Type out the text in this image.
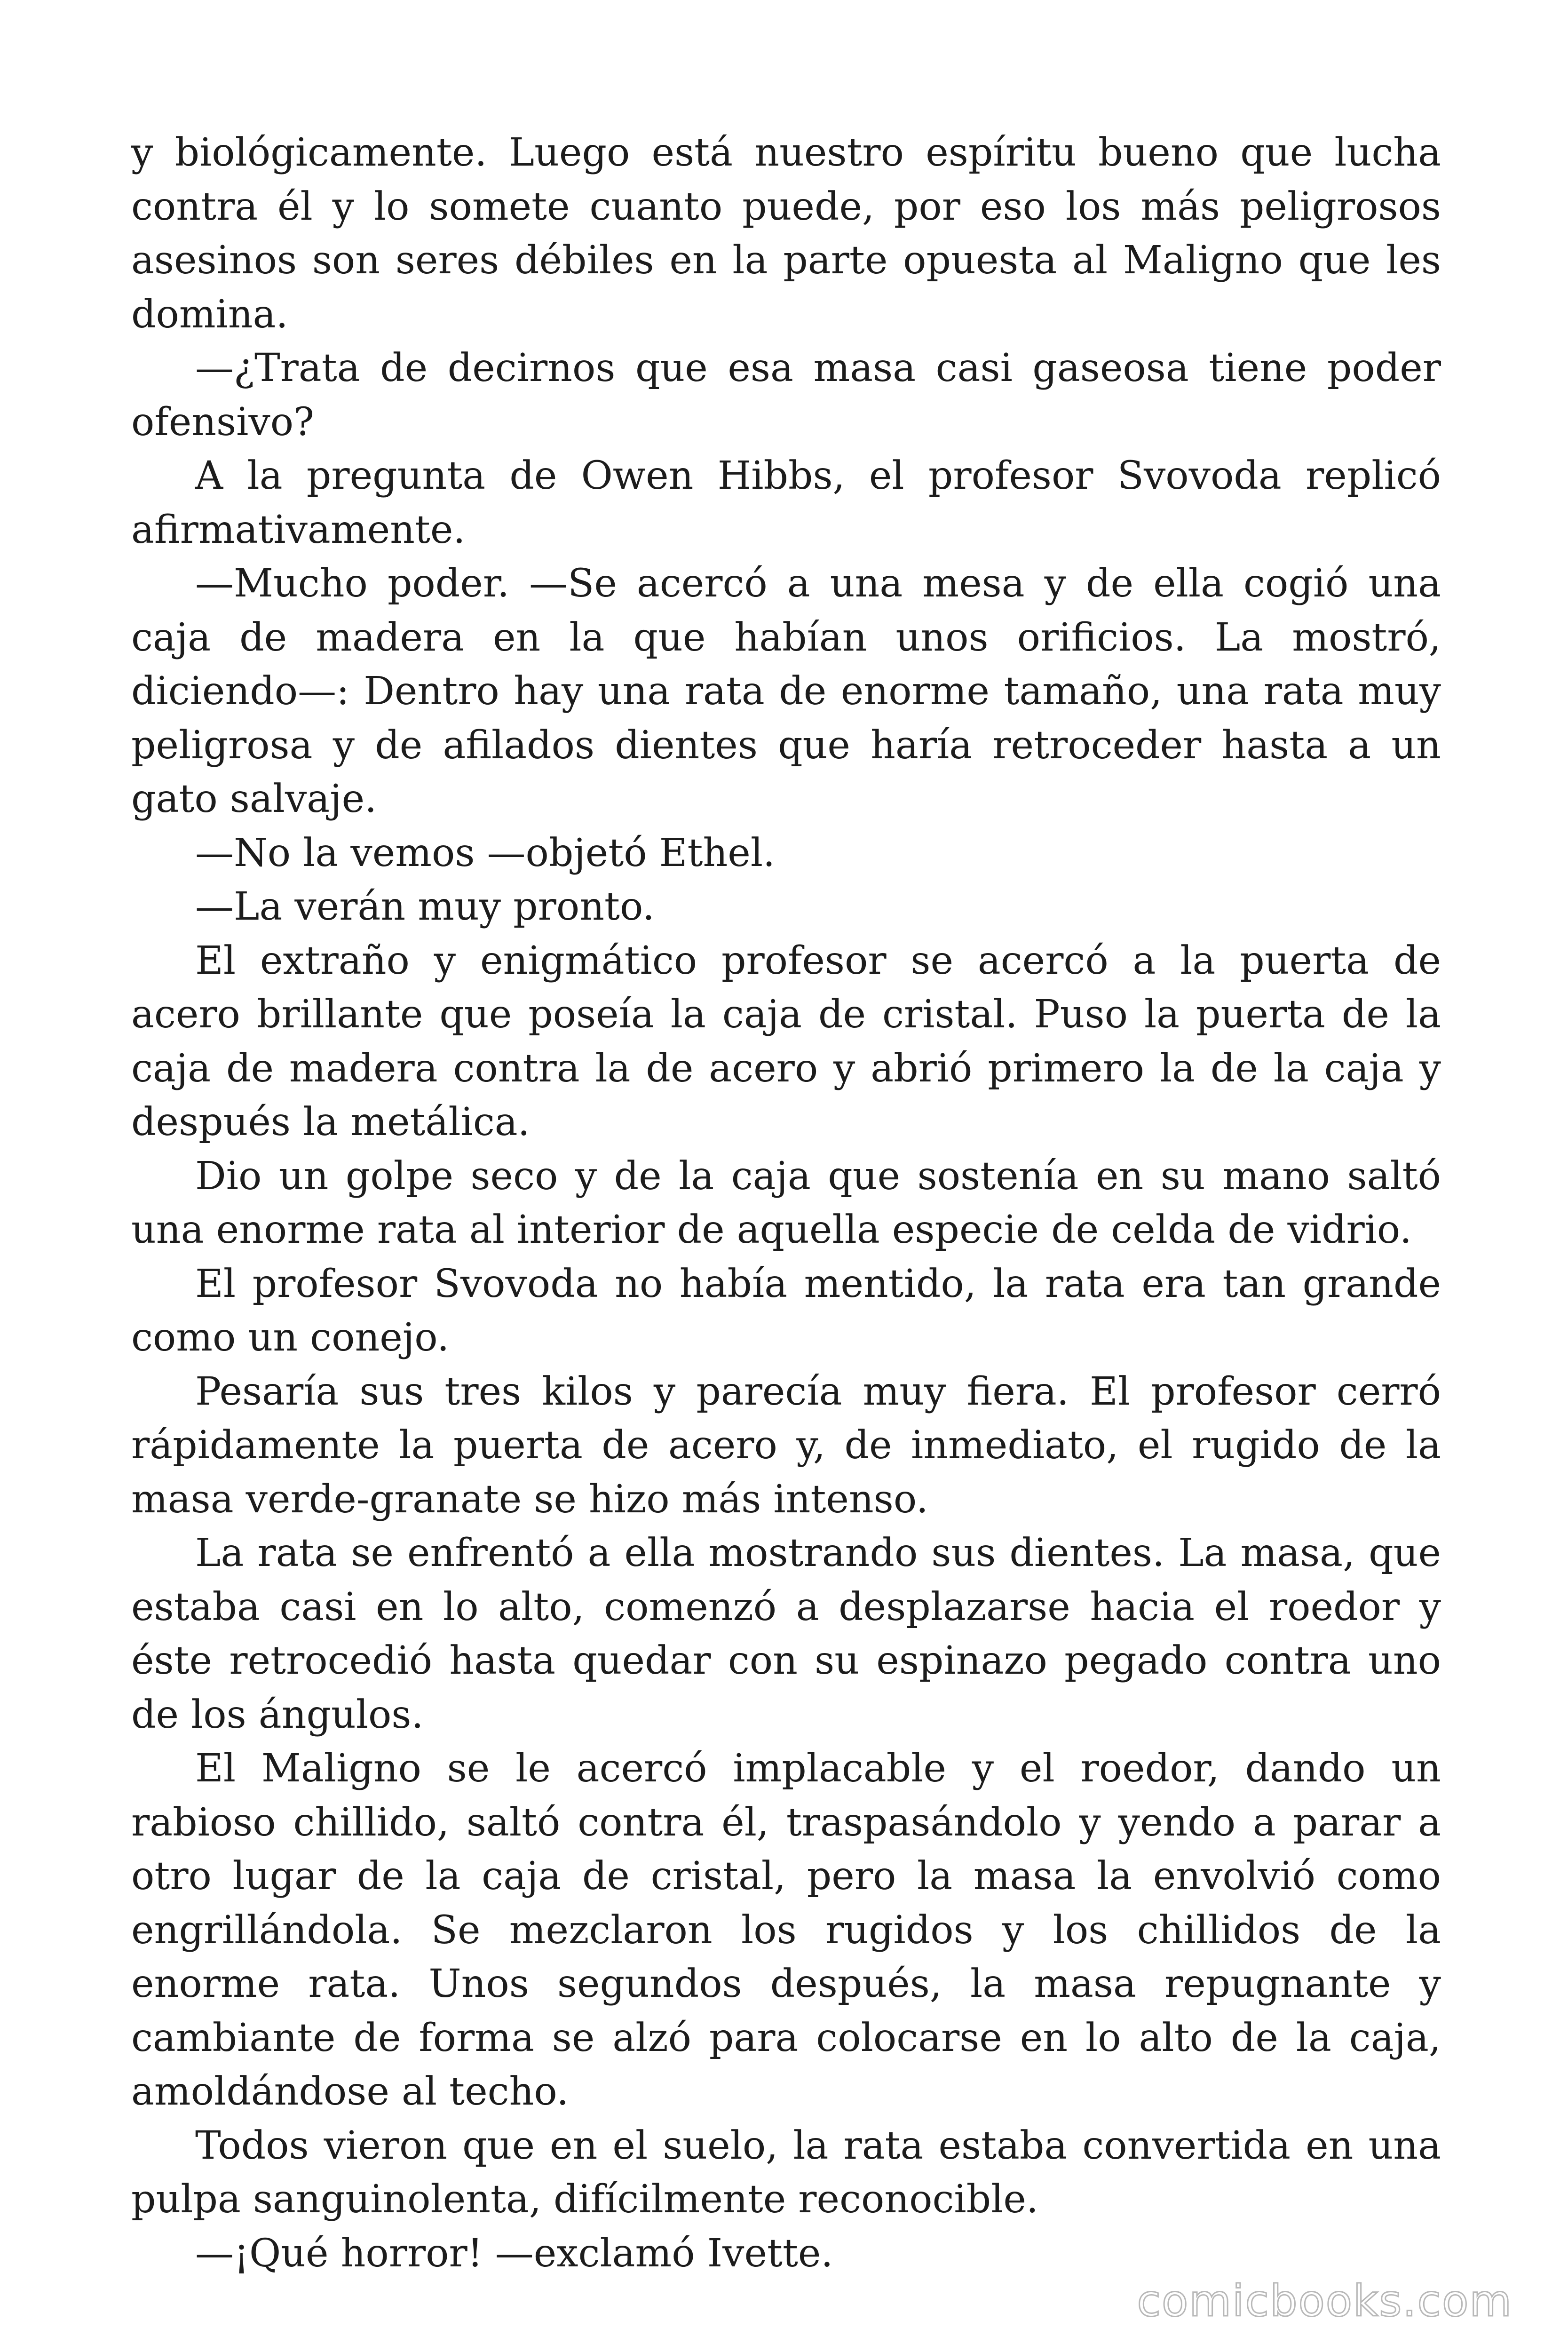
y biológicamente. Luego está nuestro espíritu bueno que lucha contra él y lo somete cuanto puede, por eso los más peligrosos asesinos son seres débiles en la parte opuesta al Maligno que les domina.

—¿Trata de decirnos que esa masa casi gaseosa tiene poder ofensivo?

A la pregunta de Owen Hibbs, el profesor Svovoda replicó afirmativamente.

—Mucho poder. —Se acercó a una mesa y de ella cogió una caja de madera en la que habían unos orificios. La mostró, diciendo—: Dentro hay una rata de enorme tamaño, una rata muy peligrosa y de afilados dientes que haría retroceder hasta a un gato salvaje.

—No la vemos —objetó Ethel.

—La verán muy pronto.

El extraño y enigmático profesor se acercó a la puerta de acero brillante que poseía la caja de cristal. Puso la puerta de la caja de madera contra la de acero y abrió primero la de la caja y después la metálica.

Dio un golpe seco y de la caja que sostenía en su mano saltó una enorme rata al interior de aquella especie de celda de vidrio.

El profesor Svovoda no había mentido, la rata era tan grande como un conejo.

Pesaría sus tres kilos y parecía muy fiera. El profesor cerró rápidamente la puerta de acero y, de inmediato, el rugido de la masa verde-granate se hizo más intenso.

La rata se enfrentó a ella mostrando sus dientes. La masa, que estaba casi en lo alto, comenzó a desplazarse hacia el roedor y éste retrocedió hasta quedar con su espinazo pegado contra uno de los ángulos.

El Maligno se le acercó implacable y el roedor, dando un rabioso chillido, saltó contra él, traspasándolo y yendo a parar a otro lugar de la caja de cristal, pero la masa la envolvió como engrillándola. Se mezclaron los rugidos y los chillidos de la enorme rata. Unos segundos después, la masa repugnante y cambiante de forma se alzó para colocarse en lo alto de la caja, amoldándose al techo.

Todos vieron que en el suelo, la rata estaba convertida en una pulpa sanguinolenta, difícilmente reconocible.

—¡Qué horror! —exclamó Ivette.

comicbooks.com
